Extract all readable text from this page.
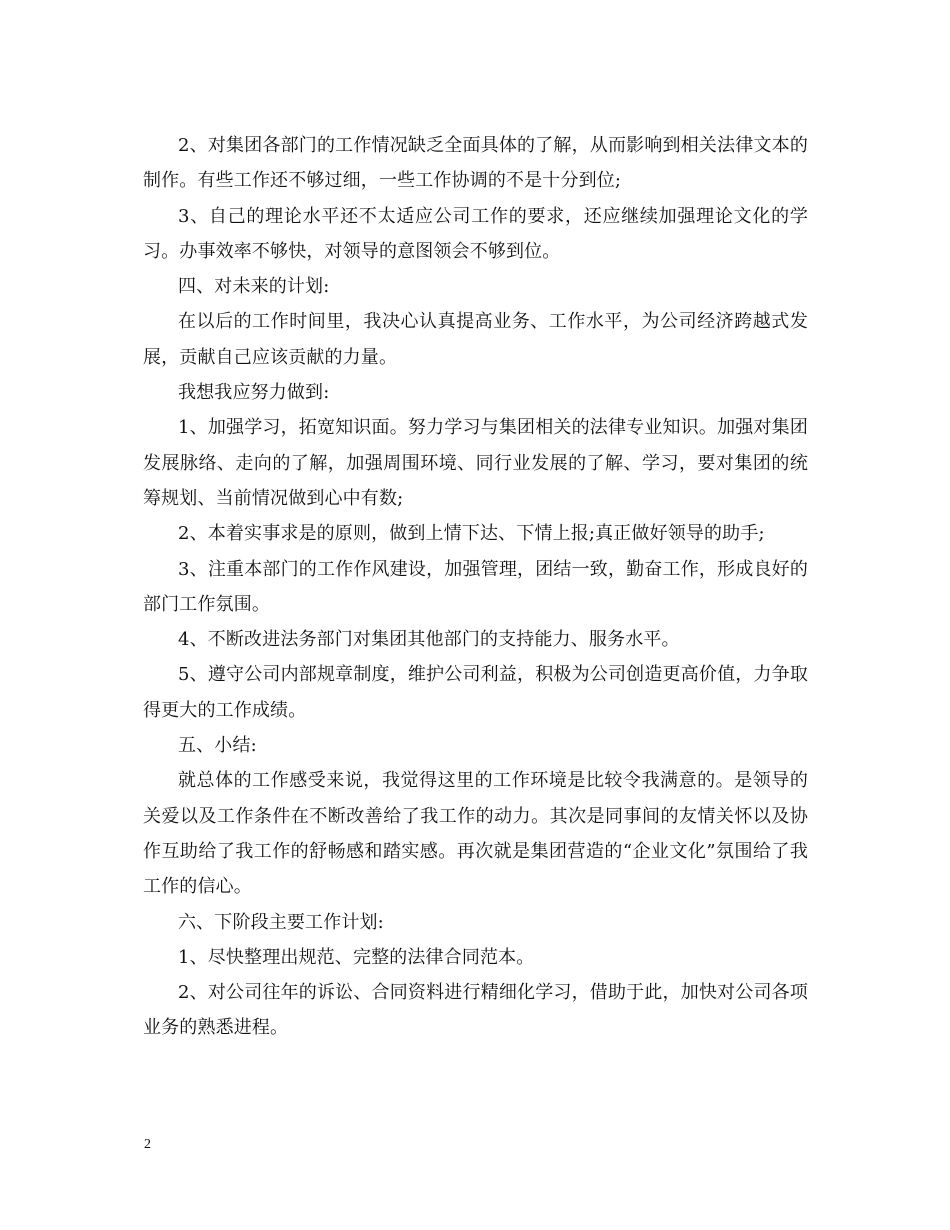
2、对集团各部门的工作情况缺乏全面具体的了解，从而影响到相关法律文本的制作。有些工作还不够过细，一些工作协调的不是十分到位;

3、自己的理论水平还不太适应公司工作的要求，还应继续加强理论文化的学习。办事效率不够快，对领导的意图领会不够到位。

四、对未来的计划:

在以后的工作时间里，我决心认真提高业务、工作水平，为公司经济跨越式发展，贡献自己应该贡献的力量。

我想我应努力做到:

1、加强学习，拓宽知识面。努力学习与集团相关的法律专业知识。加强对集团发展脉络、走向的了解，加强周围环境、同行业发展的了解、学习，要对集团的统筹规划、当前情况做到心中有数;

2、本着实事求是的原则，做到上情下达、下情上报;真正做好领导的助手;

3、注重本部门的工作作风建设，加强管理，团结一致，勤奋工作，形成良好的部门工作氛围。

4、不断改进法务部门对集团其他部门的支持能力、服务水平。

5、遵守公司内部规章制度，维护公司利益，积极为公司创造更高价值，力争取得更大的工作成绩。

五、小结:

就总体的工作感受来说，我觉得这里的工作环境是比较令我满意的。是领导的关爱以及工作条件在不断改善给了我工作的动力。其次是同事间的友情关怀以及协作互助给了我工作的舒畅感和踏实感。再次就是集团营造的“企业文化”氛围给了我工作的信心。

六、下阶段主要工作计划:

1、尽快整理出规范、完整的法律合同范本。

2、对公司往年的诉讼、合同资料进行精细化学习，借助于此，加快对公司各项业务的熟悉进程。

2
